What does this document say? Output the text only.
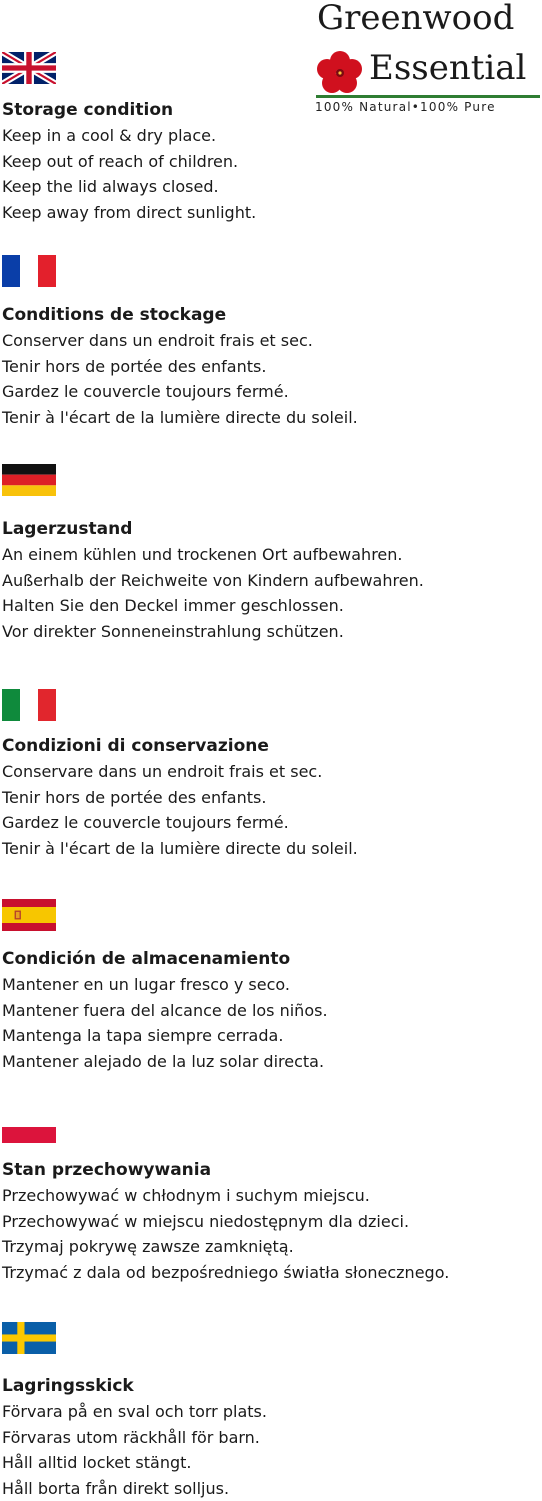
Greenwood
Essential
100% Natural•100% Pure
Storage condition
Keep in a cool & dry place.
Keep out of reach of children.
Keep the lid always closed.
Keep away from direct sunlight.
Conditions de stockage
Conserver dans un endroit frais et sec.
Tenir hors de portée des enfants.
Gardez le couvercle toujours fermé.
Tenir à l'écart de la lumière directe du soleil.
Lagerzustand
An einem kühlen und trockenen Ort aufbewahren.
Außerhalb der Reichweite von Kindern aufbewahren.
Halten Sie den Deckel immer geschlossen.
Vor direkter Sonneneinstrahlung schützen.
Condizioni di conservazione
Conservare dans un endroit frais et sec.
Tenir hors de portée des enfants.
Gardez le couvercle toujours fermé.
Tenir à l'écart de la lumière directe du soleil.
Condición de almacenamiento
Mantener en un lugar fresco y seco.
Mantener fuera del alcance de los niños.
Mantenga la tapa siempre cerrada.
Mantener alejado de la luz solar directa.
Stan przechowywania
Przechowywać w chłodnym i suchym miejscu.
Przechowywać w miejscu niedostępnym dla dzieci.
Trzymaj pokrywę zawsze zamkniętą.
Trzymać z dala od bezpośredniego światła słonecznego.
Lagringsskick
Förvara på en sval och torr plats.
Förvaras utom räckhåll för barn.
Håll alltid locket stängt.
Håll borta från direkt solljus.
